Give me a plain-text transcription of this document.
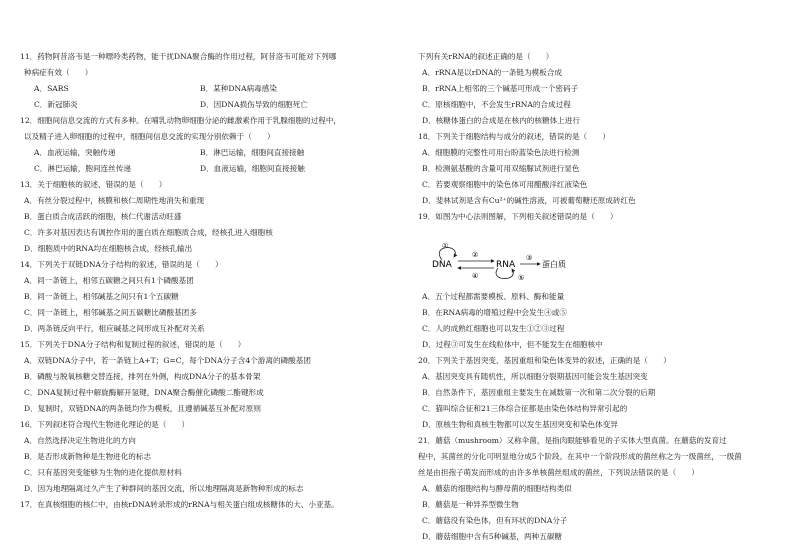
11．药物阿昔洛韦是一种嘌呤类药物，能干扰DNA聚合酶的作用过程，阿昔洛韦可能对下列哪
种病症有效（　　）
A．SARS	B．某种DNA病毒感染
C．新冠肺炎	D．因DNA损伤导致的细胞死亡
12．细胞间信息交流的方式有多种。在哺乳动物卵细胞分泌的雌激素作用于乳腺细胞的过程中，
以及精子进入卵细胞的过程中，细胞间信息交流的实现分别依赖于（　　）
A．血液运输，突触传递	B．淋巴运输，细胞间直接接触
C．淋巴运输，胞间连丝传递	D．血液运输，细胞间直接接触
13．关于细胞核的叙述，错误的是（　　）
A．有丝分裂过程中，核膜和核仁周期性地消失和重现
B．蛋白质合成活跃的细胞，核仁代谢活动旺盛
C．许多对基因表达有调控作用的蛋白质在细胞质合成，经核孔进入细胞核
D．细胞质中的RNA均在细胞核合成，经核孔输出
14．下列关于双链DNA分子结构的叙述，错误的是（　　）
A．同一条链上，相邻五碳糖之间只有1个磷酸基团
B．同一条链上，相邻碱基之间只有1个五碳糖
C．同一条链上，相邻碱基之间五碳糖比磷酸基团多
D．两条链反向平行，相应碱基之间形成互补配对关系
15．下列关于DNA分子结构和复制过程的叙述，错误的是（　　）
A．双链DNA分子中，若一条链上A+T；G=C，每个DNA分子含4个游离的磷酸基团
B．磷酸与脱氧核糖交替连接，排列在外侧，构成DNA分子的基本骨架
C．DNA复制过程中解旋酶解开氢键，DNA聚合酶催化磷酸二酯键形成
D．复制时，双链DNA的两条链均作为模板，且遵循碱基互补配对原则
16．下列叙述符合现代生物进化理论的是（　　）
A．自然选择决定生物进化的方向
B．是否形成新物种是生物进化的标志
C．只有基因突变能够为生物的进化提供原材料
D．因为地理隔离过久产生了种群间的基因交流，所以地理隔离是新物种形成的标志
17．在真核细胞的核仁中，由核rDNA转录形成的rRNA与相关蛋白组成核糖体的大、小亚基。
下列有关rRNA的叙述正确的是（　　）
A．rRNA是以rDNA的一条链为模板合成
B．rRNA上相邻的三个碱基可形成一个密码子
C．原核细胞中，不会发生rRNA的合成过程
D．核糖体蛋白的合成是在核内的核糖体上进行
18．下列关于细胞结构与成分的叙述，错误的是（　　）
A．细胞膜的完整性可用台盼蓝染色法进行检测
B．检测氨基酸的含量可用双缩脲试剂进行显色
C．若要观察细胞中的染色体可用醋酸洋红液染色
D．斐林试剂是含有Cu²⁺的碱性溶液，可被葡萄糖还原成砖红色
19．如图为中心法则图解，下列相关叙述错误的是（　　）
①
DNA
②
④	⑤
RNA
③
蛋白质
A．五个过程都需要模板、原料、酶和能量
B．在RNA病毒的增殖过程中会发生④或⑤
C．人的成熟红细胞也可以发生①②③过程
D．过程③可发生在线粒体中，但不能发生在细胞核中
20．下列关于基因突变、基因重组和染色体变异的叙述，正确的是（　　）
A．基因突变具有随机性，所以细胞分裂期基因可能会发生基因突变
B．自然条件下，基因重组主要发生在减数第一次和第二次分裂的后期
C．猫叫综合征和21三体综合征都是由染色体结构异常引起的
D．原核生物和真核生物都可以发生基因突变和染色体变异
21．蘑菇（mushroom）又称伞菌，是指肉眼能够看见的子实体大型真菌。在蘑菇的发育过
程中，其菌丝的分化可明显地分成5个阶段。在其中一个阶段形成的菌丝称之为一级菌丝，一级菌
丝是由担孢子萌发而形成的由许多单核菌丝组成的菌丝，下列说法错误的是（　　）
A．蘑菇的细胞结构与酵母菌的细胞结构类似
B．蘑菇是一种异养型微生物
C．蘑菇没有染色体，但有环状的DNA分子
D．蘑菇细胞中含有5种碱基，两种五碳糖
